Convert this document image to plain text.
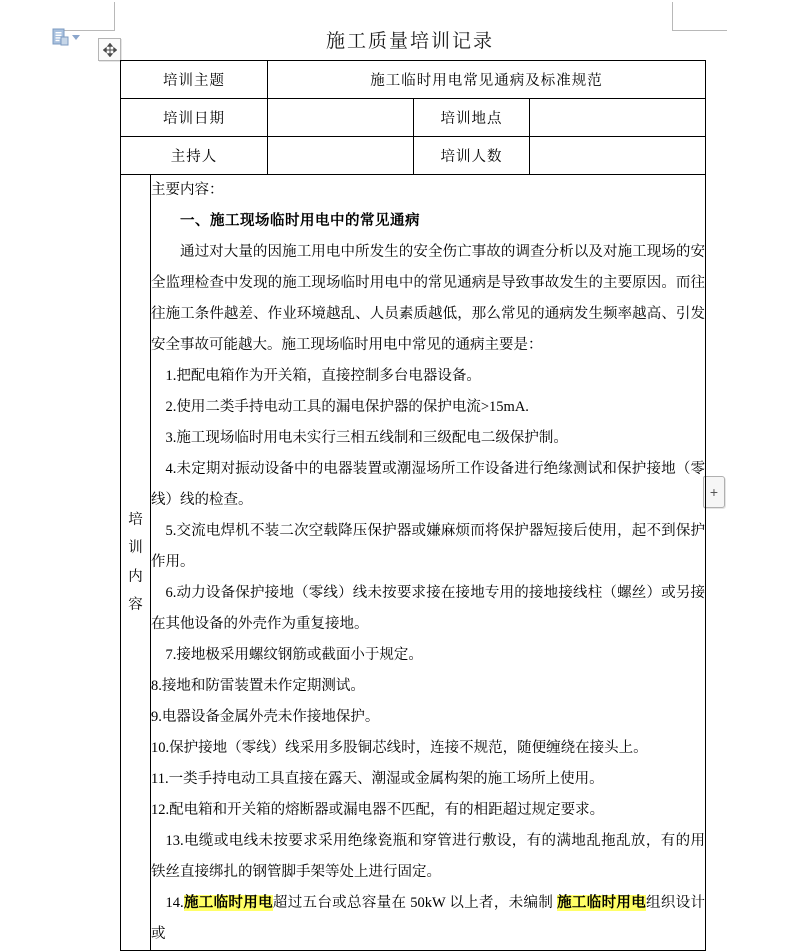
+
施工质量培训记录
培训主题		施工临时用电常见通病及标准规范		
培训日期			培训地点	
主持人			培训人数	

培
训
内
容

主要内容：

一、施工现场临时用电中的常见通病

通过对大量的因施工用电中所发生的安全伤亡事故的调查分析以及对施工现场的安全监理检查中发现的施工现场临时用电中的常见通病是导致事故发生的主要原因。而往往施工条件越差、作业环境越乱、人员素质越低，那么常见的通病发生频率越高、引发安全事故可能越大。施工现场临时用电中常见的通病主要是：

1.把配电箱作为开关箱，直接控制多台电器设备。

2.使用二类手持电动工具的漏电保护器的保护电流>15mA.

3.施工现场临时用电未实行三相五线制和三级配电二级保护制。

4.未定期对振动设备中的电器装置或潮湿场所工作设备进行绝缘测试和保护接地（零线）线的检查。

5.交流电焊机不装二次空载降压保护器或嫌麻烦而将保护器短接后使用，起不到保护作用。

6.动力设备保护接地（零线）线未按要求接在接地专用的接地接线柱（螺丝）或另接在其他设备的外壳作为重复接地。

7.接地极采用螺纹钢筋或截面小于规定。

8.接地和防雷装置未作定期测试。

9.电器设备金属外壳未作接地保护。

10.保护接地（零线）线采用多股铜芯线时，连接不规范，随便缠绕在接头上。

11.一类手持电动工具直接在露天、潮湿或金属构架的施工场所上使用。

12.配电箱和开关箱的熔断器或漏电器不匹配，有的相距超过规定要求。

13.电缆或电线未按要求采用绝缘瓷瓶和穿管进行敷设，有的满地乱拖乱放，有的用铁丝直接绑扎的钢管脚手架等处上进行固定。

14.施工临时用电超过五台或总容量在 50kW 以上者，未编制 施工临时用电组织设计或
